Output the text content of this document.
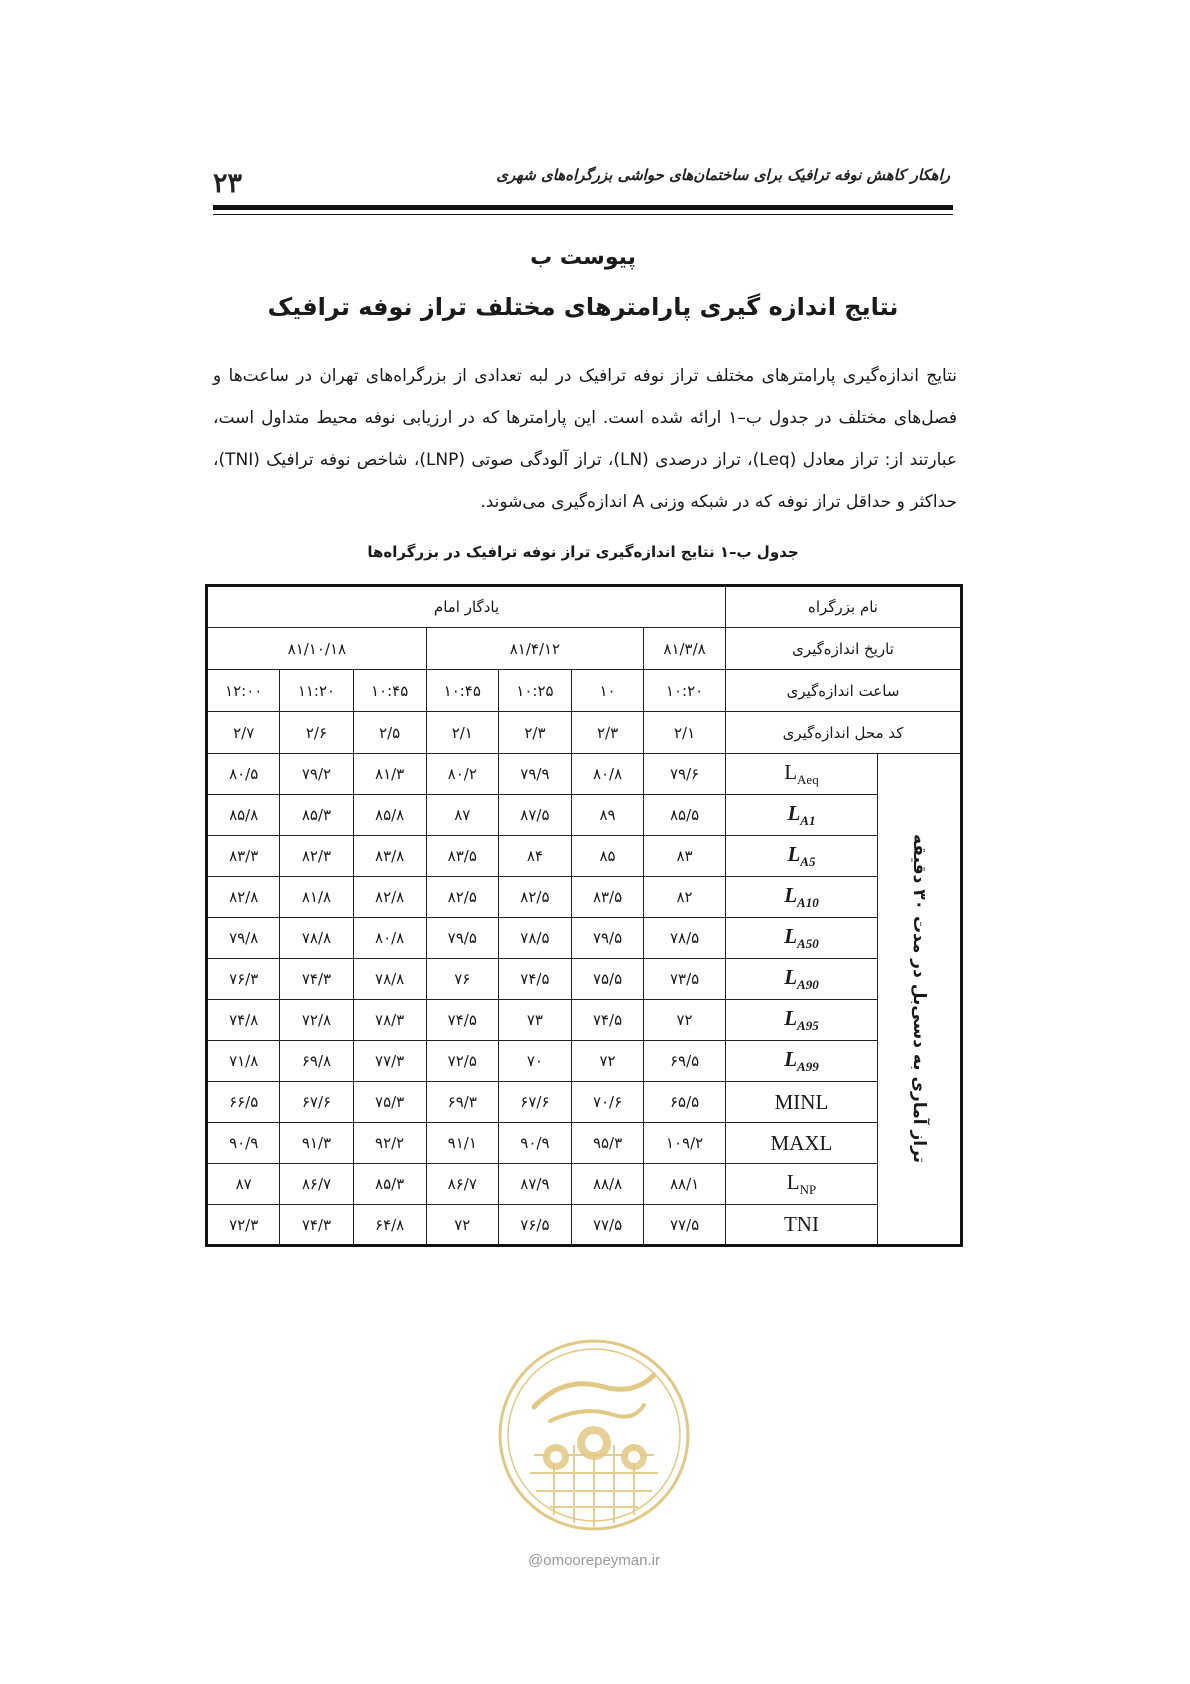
راهکار کاهش نوفه ترافیک برای ساختمان‌های حواشی بزرگراه‌های شهری
۲۳
پیوست ب
نتایج اندازه گیری پارامترهای مختلف تراز نوفه ترافیک
نتایج اندازه‌گیری پارامترهای مختلف تراز نوفه ترافیک در لبه تعدادی از بزرگراه‌های تهران در ساعت‌ها و فصل‌های مختلف در جدول ب–۱ ارائه شده است. این پارامترها که در ارزیابی نوفه محیط متداول است، عبارتند از: تراز معادل (Leq)، تراز درصدی (LN)، تراز آلودگی صوتی (LNP)، شاخص نوفه ترافیک (TNI)، حداکثر و حداقل تراز نوفه که در شبکه وزنی A اندازه‌گیری می‌شوند.
جدول ب–۱ نتایج اندازه‌گیری تراز نوفه ترافیک در بزرگراه‌ها
نام بزرگراه		یادگار امام						
تاریخ اندازه‌گیری		۸۱/۳/۸	۸۱/۴/۱۲			۸۱/۱۰/۱۸		
ساعت اندازه‌گیری		۱۰:۲۰	۱۰	۱۰:۲۵	۱۰:۴۵	۱۰:۴۵	۱۱:۲۰	۱۲:۰۰
کد محل اندازه‌گیری		۲/۱	۲/۳	۲/۳	۲/۱	۲/۵	۲/۶	۲/۷

تراز آماری به دسی‌بل در مدت ۳۰ دقیقه	$L_{Aeq}$	۷۹/۶	۸۰/۸	۷۹/۹	۸۰/۲	۸۱/۳	۷۹/۲	۸۰/۵
	$L_{A1}$	۸۵/۵	۸۹	۸۷/۵	۸۷	۸۵/۸	۸۵/۳	۸۵/۸
	$L_{A5}$	۸۳	۸۵	۸۴	۸۳/۵	۸۳/۸	۸۲/۳	۸۳/۳
	$L_{A10}$	۸۲	۸۳/۵	۸۲/۵	۸۲/۵	۸۲/۸	۸۱/۸	۸۲/۸
	$L_{A50}$	۷۸/۵	۷۹/۵	۷۸/۵	۷۹/۵	۸۰/۸	۷۸/۸	۷۹/۸
	$L_{A90}$	۷۳/۵	۷۵/۵	۷۴/۵	۷۶	۷۸/۸	۷۴/۳	۷۶/۳
	$L_{A95}$	۷۲	۷۴/۵	۷۳	۷۴/۵	۷۸/۳	۷۲/۸	۷۴/۸
	$L_{A99}$	۶۹/۵	۷۲	۷۰	۷۲/۵	۷۷/۳	۶۹/۸	۷۱/۸
	MINL	۶۵/۵	۷۰/۶	۶۷/۶	۶۹/۳	۷۵/۳	۶۷/۶	۶۶/۵
	MAXL	۱۰۹/۲	۹۵/۳	۹۰/۹	۹۱/۱	۹۲/۲	۹۱/۳	۹۰/۹
	$L_{NP}$	۸۸/۱	۸۸/۸	۸۷/۹	۸۶/۷	۸۵/۳	۸۶/۷	۸۷
	TNI	۷۷/۵	۷۷/۵	۷۶/۵	۷۲	۶۴/۸	۷۴/۳	۷۲/۳
@omoorepeyman.ir
